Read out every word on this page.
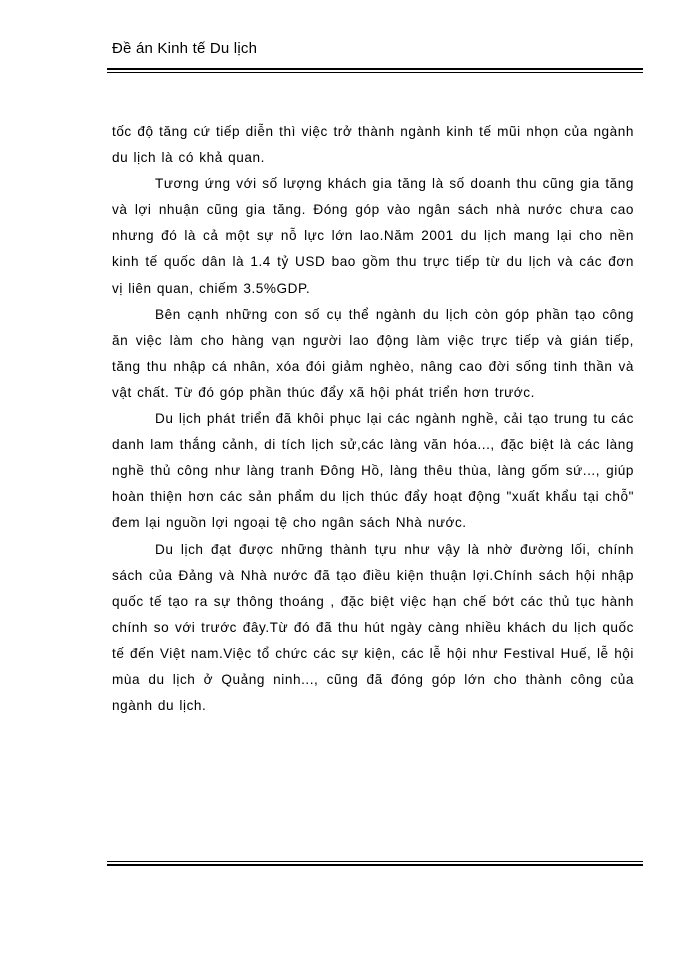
Đề án Kinh tế Du lịch

tốc độ tăng cứ tiếp diễn thì việc trở thành ngành kinh tế mũi nhọn của ngành du lịch là có khả quan.

Tương ứng với số lượng khách gia tăng là số doanh thu cũng gia tăng và lợi nhuận cũng gia tăng. Đóng góp vào ngân sách nhà nước chưa cao nhưng đó là cả một sự nỗ lực lớn lao.Năm 2001 du lịch mang lại cho nền kinh tế quốc dân là 1.4 tỷ USD bao gồm thu trực tiếp từ du lịch và các đơn vị liên quan, chiếm 3.5%GDP.

Bên cạnh những con số cụ thể ngành du lịch còn góp phần tạo công ăn việc làm cho hàng vạn người lao động làm việc trực tiếp và gián tiếp, tăng thu nhập cá nhân, xóa đói giảm nghèo, nâng cao đời sống tinh thần và vật chất. Từ đó góp phần thúc đẩy xã hội phát triển hơn trước.

Du lịch phát triển đã khôi phục lại các ngành nghề, cải tạo trung tu các danh lam thắng cảnh, di tích lịch sử,các làng văn hóa..., đặc biệt là các làng nghề thủ công như làng tranh Đông Hồ, làng thêu thùa, làng gốm sứ..., giúp hoàn thiện hơn các sản phẩm du lịch thúc đẩy hoạt động "xuất khẩu tại chỗ" đem lại nguồn lợi ngoại tệ cho ngân sách Nhà nước.

Du lịch đạt được những thành tựu như vậy là nhờ đường lối, chính sách của Đảng và Nhà nước đã tạo điều kiện thuận lợi.Chính sách hội nhập quốc tế tạo ra sự thông thoáng , đặc biệt việc hạn chế bớt các thủ tục hành chính so với trước đây.Từ đó đã thu hút ngày càng nhiều khách du lịch quốc tế đến Việt nam.Việc tổ chức các sự kiện, các lễ hội như Festival Huế, lễ hội mùa du lịch ở Quảng ninh..., cũng đã đóng góp lớn cho thành công của ngành du lịch.
